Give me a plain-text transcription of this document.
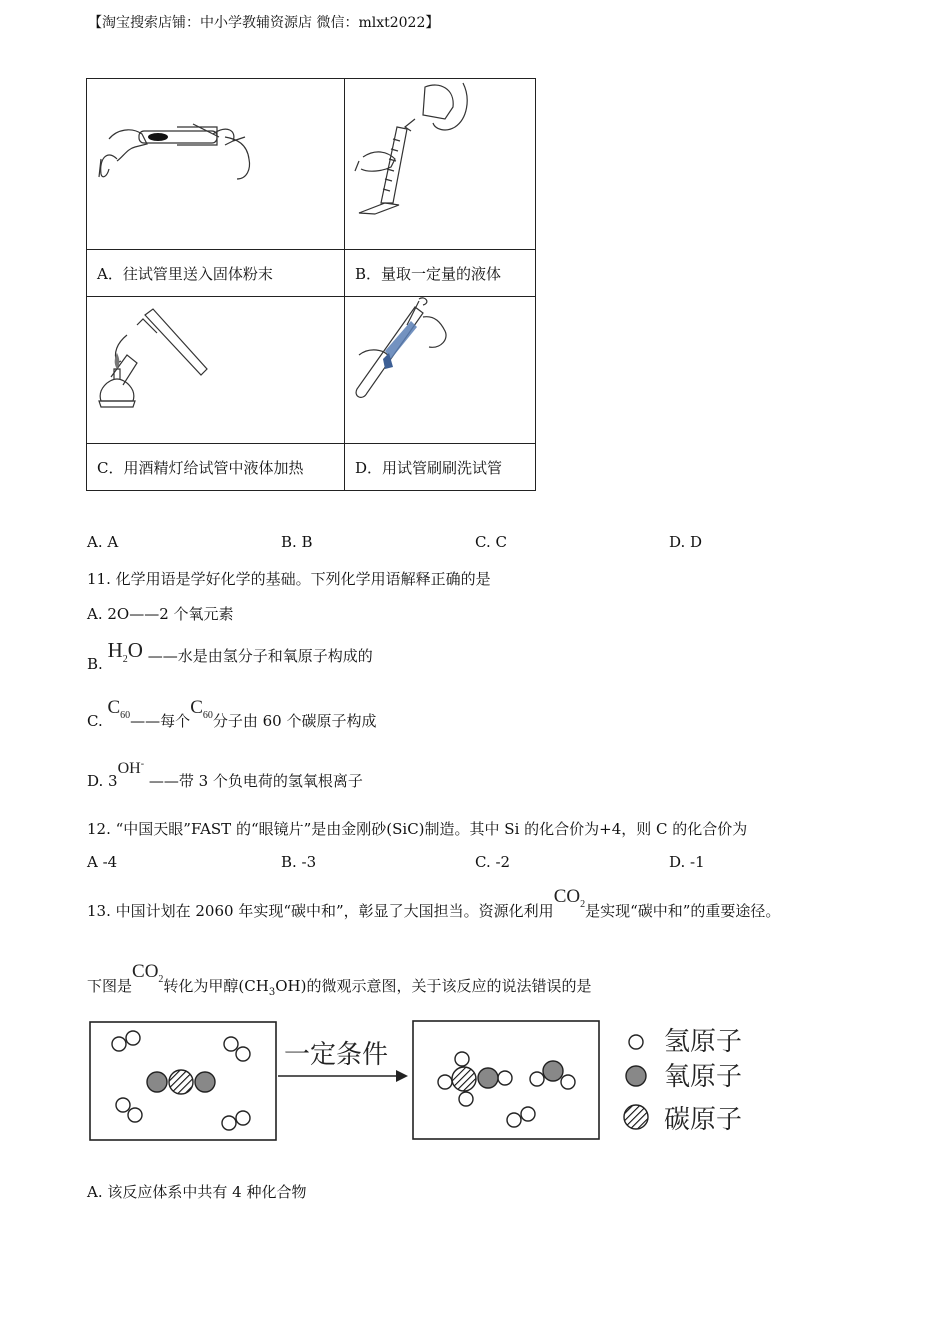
【淘宝搜索店铺：中小学教辅资源店 微信：mlxt2022】

A．往试管里送入固体粉末	B．量取一定量的液体

C．用酒精灯给试管中液体加热	D．用试管刷刷洗试管
A. A	B. B	C. C	D. D
11. 化学用语是学好化学的基础。下列化学用语解释正确的是
A. 2O——2 个氧元素
B. $H_2O$ ——水是由氢分子和氧原子构成的
C. $C_{60}——$每个$C_{60}$分子由 60 个碳原子构成
D. 3OH- ——带 3 个负电荷的氢氧根离子
12. “中国天眼”FAST 的“眼镜片”是由金刚砂(SiC)制造。其中 Si 的化合价为+4，则 C 的化合价为
A -4	B. -3	C. -2	D. -1
13. 中国计划在 2060 年实现“碳中和”，彰显了大国担当。资源化利用$CO_2$是实现“碳中和”的重要途径。
下图是$CO_2$转化为甲醇$(CH_3OH)$的微观示意图，关于该反应的说法错误的是
一定条件	氢原子
氧原子
碳原子
A. 该反应体系中共有 4 种化合物
